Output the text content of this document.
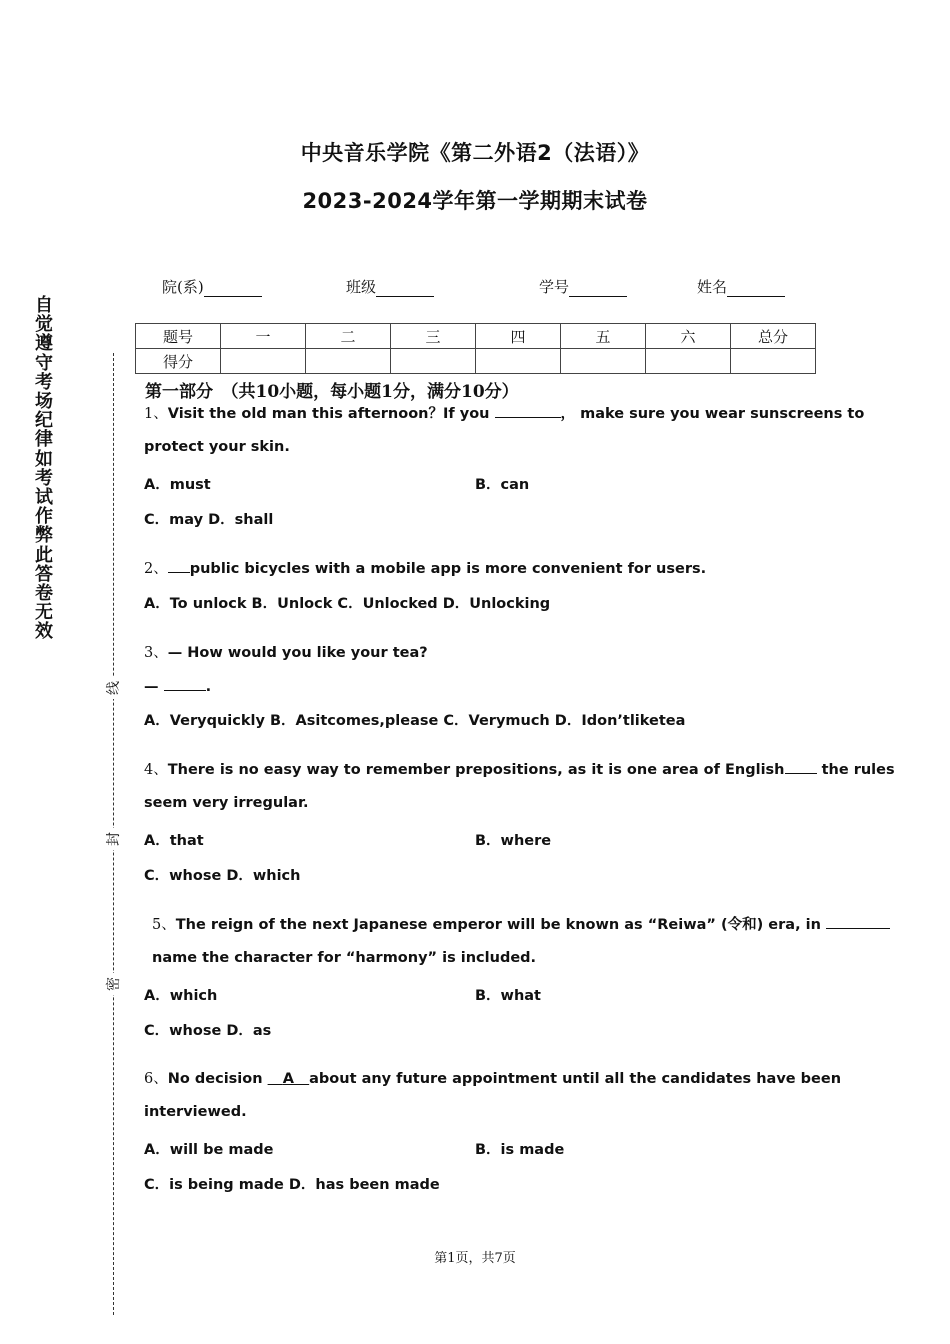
中央音乐学院《第二外语2（法语）》
2023-2024学年第一学期期末试卷
自
觉
遵
守
考
场
纪
律
如
考
试
作
弊
此
答
卷
无
效
线
封
密
院(系)	班级	学号	姓名
题号	一	二	三	四	五	六	总分
得分							
第一部分　（共10小题，每小题1分，满分10分）
1、Visit the old man this afternoon？If you	， make sure you wear sunscreens to
protect your skin.
A．must	B．can
C．may D．shall
2、 public bicycles with a mobile app is more convenient for users.
A．To unlock B．Unlock C．Unlocked D．Unlocking
3、— How would you like your tea?
—	.
A．Veryquickly B．Asitcomes,please C．Verymuch D．Idon’tliketea
4、There is no easy way to remember prepositions, as it is one area of English the rules
seem very irregular.
A．that	B．where
C．whose D．which
5、The reign of the next Japanese emperor will be known as “Reiwa” (令和) era, in
name the character for “harmony” is included.
A．which	B．what
C．whose D．as
6、No decision    A about any future appointment until all the candidates have been
interviewed.
A．will be made	B．is made
C．is being made D．has been made
第1页，共7页
